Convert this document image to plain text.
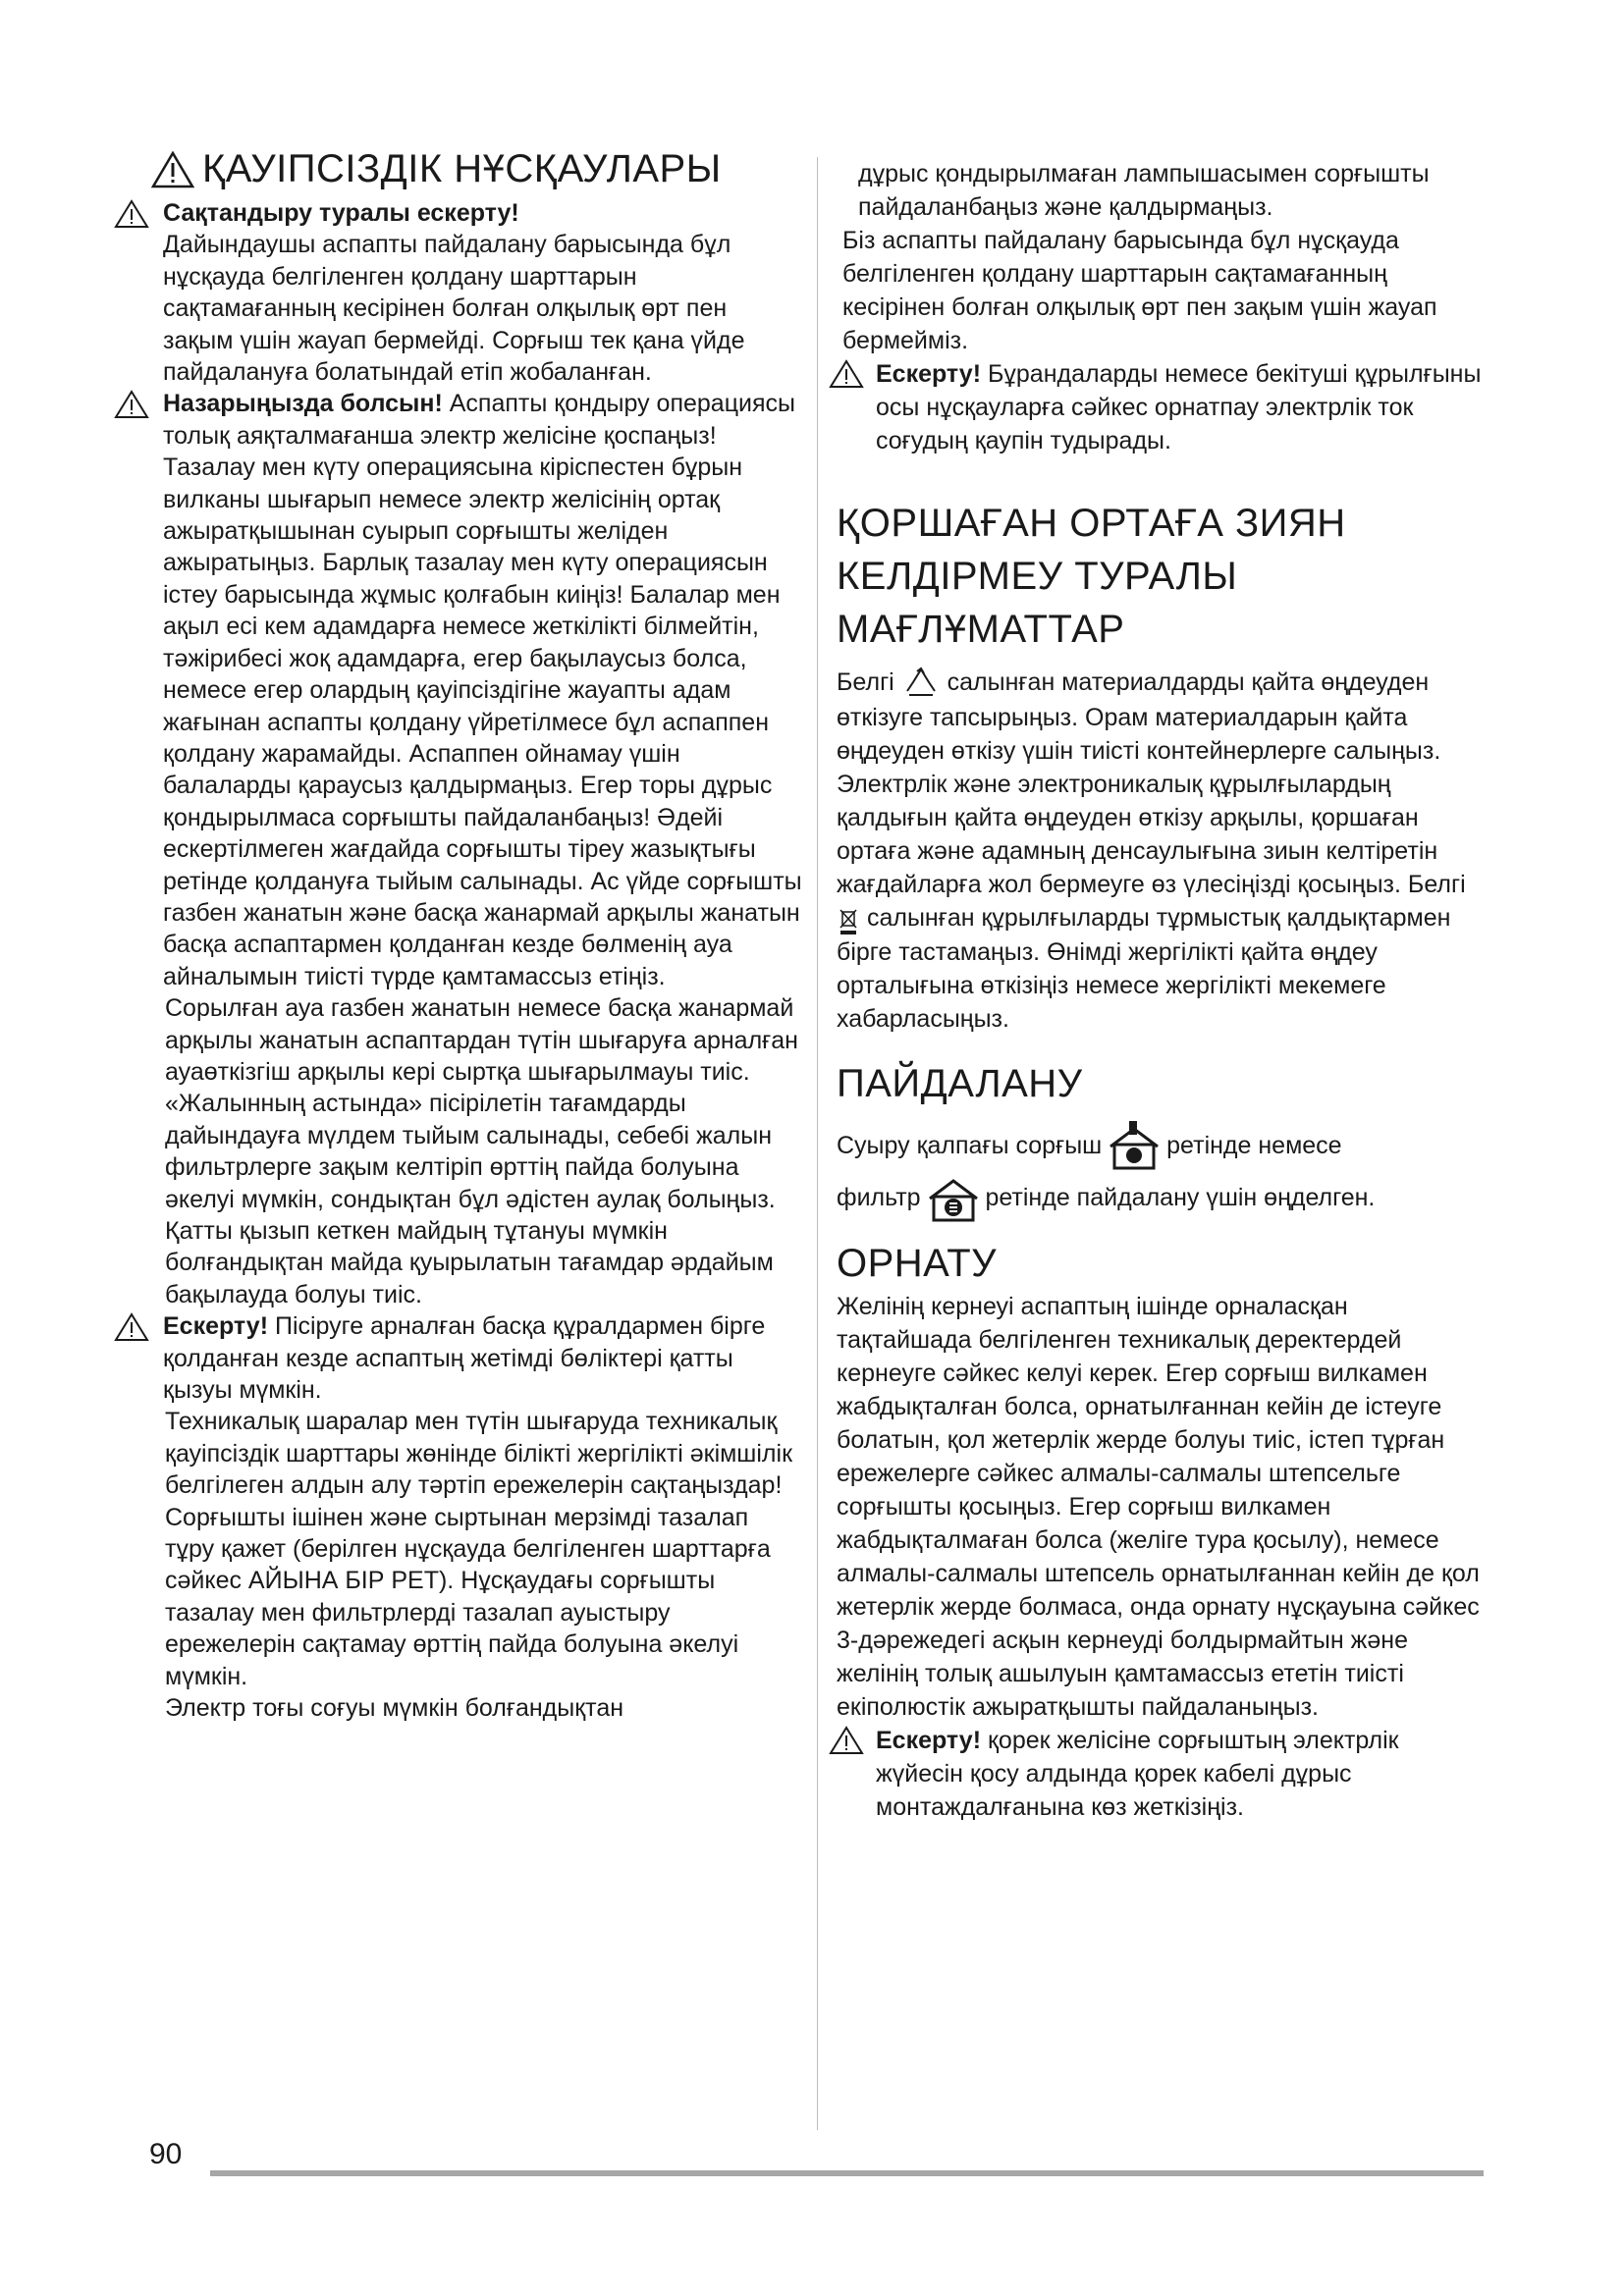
ҚАУІПСІЗДІК НҰСҚАУЛАРЫ

Сақтандыру туралы ескерту!
Дайындаушы аспапты пайдалану барысында бұл нұсқауда белгіленген қолдану шарттарын сақтамағанның кесірінен болған олқылық өрт пен зақым үшін жауап бермейді. Сорғыш тек қана үйде пайдалануға болатындай етіп жобаланған.

Назарыңызда болсын! Аспапты қондыру операциясы толық аяқталмағанша электр желісіне қоспаңыз! Тазалау мен күту операциясына кіріспестен бұрын вилканы шығарып немесе электр желісінің ортақ ажыратқышынан суырып сорғышты желіден ажыратыңыз. Барлық тазалау мен күту операциясын істеу барысында жұмыс қолғабын киіңіз! Балалар мен ақыл есі кем адамдарға немесе жеткілікті білмейтін, тәжірибесі жоқ адамдарға, егер бақылаусыз болса, немесе егер олардың қауіпсіздігіне жауапты адам жағынан аспапты қолдану үйретілмесе бұл аспаппен қолдану жарамайды. Аспаппен ойнамау үшін балаларды қараусыз қалдырмаңыз. Егер торы дұрыс қондырылмаса сорғышты пайдаланбаңыз! Әдейі ескертілмеген жағдайда сорғышты тіреу жазықтығы ретінде қолдануға тыйым салынады. Ас үйде сорғышты газбен жанатын және басқа жанармай арқылы жанатын басқа аспаптармен қолданған кезде бөлменің ауа айналымын тиісті түрде қамтамассыз етіңіз.

Сорылған ауа газбен жанатын немесе басқа жанармай арқылы жанатын аспаптардан түтін шығаруға арналған ауаөткізгіш арқылы кері сыртқа шығарылмауы тиіс. «Жалынның астында» пісірілетін тағамдарды дайындауға мүлдем тыйым салынады, себебі жалын фильтрлерге зақым келтіріп өрттің пайда болуына әкелуі мүмкін, сондықтан бұл әдістен аулақ болыңыз.

Қатты қызып кеткен майдың тұтануы мүмкін болғандықтан майда қуырылатын тағамдар әрдайым бақылауда болуы тиіс.

Ескерту! Пісіруге арналған басқа құралдармен бірге қолданған кезде аспаптың жетімді бөліктері қатты қызуы мүмкін.

Техникалық шаралар мен түтін шығаруда техникалық қауіпсіздік шарттары жөнінде білікті жергілікті әкімшілік белгілеген алдын алу тәртіп ережелерін сақтаңыздар!

Сорғышты ішінен және сыртынан мерзімді тазалап тұру қажет (берілген нұсқауда белгіленген шарттарға сәйкес АЙЫНА БІР РЕТ). Нұсқаудағы сорғышты тазалау мен фильтрлерді тазалап ауыстыру ережелерін сақтамау өрттің пайда болуына әкелуі мүмкін.

Электр тоғы соғуы мүмкін болғандықтан

дұрыс қондырылмаған лампышасымен сорғышты пайдаланбаңыз және қалдырмаңыз.

Біз аспапты пайдалану барысында бұл нұсқауда белгіленген қолдану шарттарын сақтамағанның кесірінен болған олқылық өрт пен зақым үшін жауап бермейміз.

Ескерту! Бұрандаларды немесе бекітуші құрылғыны осы нұсқауларға сәйкес орнатпау электрлік ток соғудың қаупін тудырады.

ҚОРШАҒАН ОРТАҒА ЗИЯН КЕЛДІРМЕУ ТУРАЛЫ МАҒЛҰМАТТАР

Белгі салынған материалдарды қайта өңдеуден өткізуге тапсырыңыз. Орам материалдарын қайта өңдеуден өткізу үшін тиісті контейнерлерге салыңыз.
Электрлік және электроникалық құрылғылардың қалдығын қайта өңдеуден өткізу арқылы, қоршаған ортаға және адамның денсаулығына зиын келтіретін жағдайларға жол бермеуге өз үлесіңізді қосыңыз. Белгі
салынған құрылғыларды тұрмыстық қалдықтармен бірге тастамаңыз. Өнімді жергілікті қайта өңдеу орталығына өткізіңіз немесе жергілікті мекемеге хабарласыңыз.

ПАЙДАЛАНУ

Суыру қалпағы сорғыш	ретінде немесе
фильтр	ретінде пайдалану үшін өңделген.

ОРНАТУ

Желінің кернеуі аспаптың ішінде орналасқан тақтайшада белгіленген техникалық деректердей кернеуге сәйкес келуі керек. Егер сорғыш вилкамен жабдықталған болса, орнатылғаннан кейін де істеуге болатын, қол жетерлік жерде болуы тиіс, істеп тұрған ережелерге сәйкес алмалы-салмалы штепсельге сорғышты қосыңыз. Егер сорғыш вилкамен жабдықталмаған болса (желіге тура қосылу), немесе алмалы-салмалы штепсель орнатылғаннан кейін де қол жетерлік жерде болмаса, онда орнату нұсқауына сәйкес 3-дәрежедегі асқын кернеуді болдырмайтын және желінің толық ашылуын қамтамассыз ететін тиісті екіполюстік ажыратқышты пайдаланыңыз.

Ескерту! қорек желісіне сорғыштың электрлік жүйесін қосу алдында қорек кабелі дұрыс монтаждалғанына көз жеткізіңіз.

90
